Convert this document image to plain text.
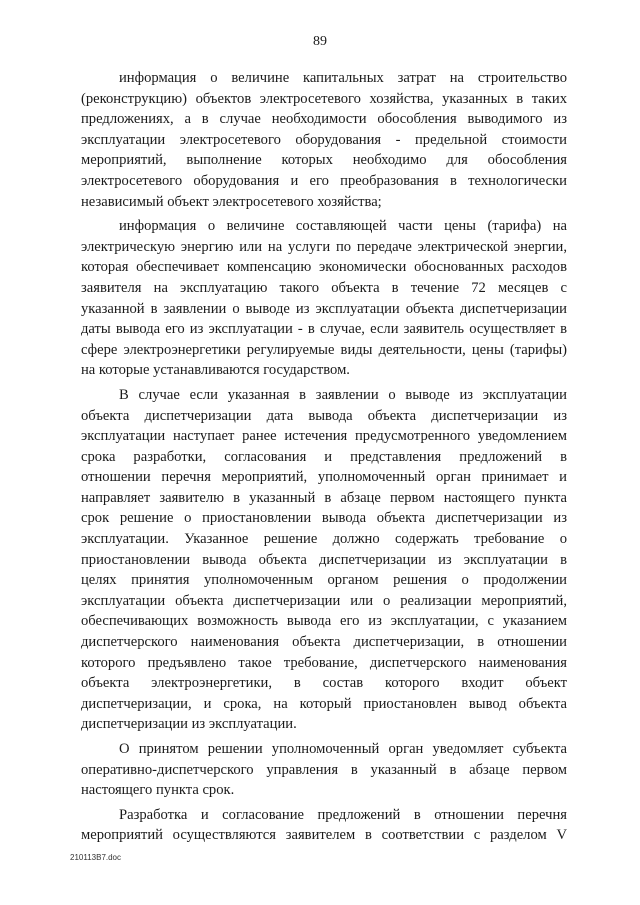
89
информация о величине капитальных затрат на строительство
(реконструкцию) объектов электросетевого хозяйства, указанных в таких
предложениях, а в случае необходимости обособления выводимого из
эксплуатации электросетевого оборудования - предельной стоимости
мероприятий, выполнение которых необходимо для обособления
электросетевого оборудования и его преобразования в технологически
независимый объект электросетевого хозяйства;
информация о величине составляющей части цены (тарифа) на
электрическую энергию или на услуги по передаче электрической энергии,
которая обеспечивает компенсацию экономически обоснованных расходов
заявителя на эксплуатацию такого объекта в течение 72 месяцев с
указанной в заявлении о выводе из эксплуатации объекта диспетчеризации
даты вывода его из эксплуатации - в случае, если заявитель осуществляет в
сфере электроэнергетики регулируемые виды деятельности, цены (тарифы)
на которые устанавливаются государством.
В случае если указанная в заявлении о выводе из эксплуатации
объекта диспетчеризации дата вывода объекта диспетчеризации из
эксплуатации наступает ранее истечения предусмотренного уведомлением
срока разработки, согласования и представления предложений в
отношении перечня мероприятий, уполномоченный орган принимает и
направляет заявителю в указанный в абзаце первом настоящего пункта
срок решение о приостановлении вывода объекта диспетчеризации из
эксплуатации. Указанное решение должно содержать требование о
приостановлении вывода объекта диспетчеризации из эксплуатации в
целях принятия уполномоченным органом решения о продолжении
эксплуатации объекта диспетчеризации или о реализации мероприятий,
обеспечивающих возможность вывода его из эксплуатации, с указанием
диспетчерского наименования объекта диспетчеризации, в отношении
которого предъявлено такое требование, диспетчерского наименования
объекта электроэнергетики, в состав которого входит объект
диспетчеризации, и срока, на который приостановлен вывод объекта
диспетчеризации из эксплуатации.
О принятом решении уполномоченный орган уведомляет субъекта
оперативно-диспетчерского управления в указанный в абзаце первом
настоящего пункта срок.
Разработка и согласование предложений в отношении перечня
мероприятий осуществляются заявителем в соответствии с разделом V
210113B7.doc
